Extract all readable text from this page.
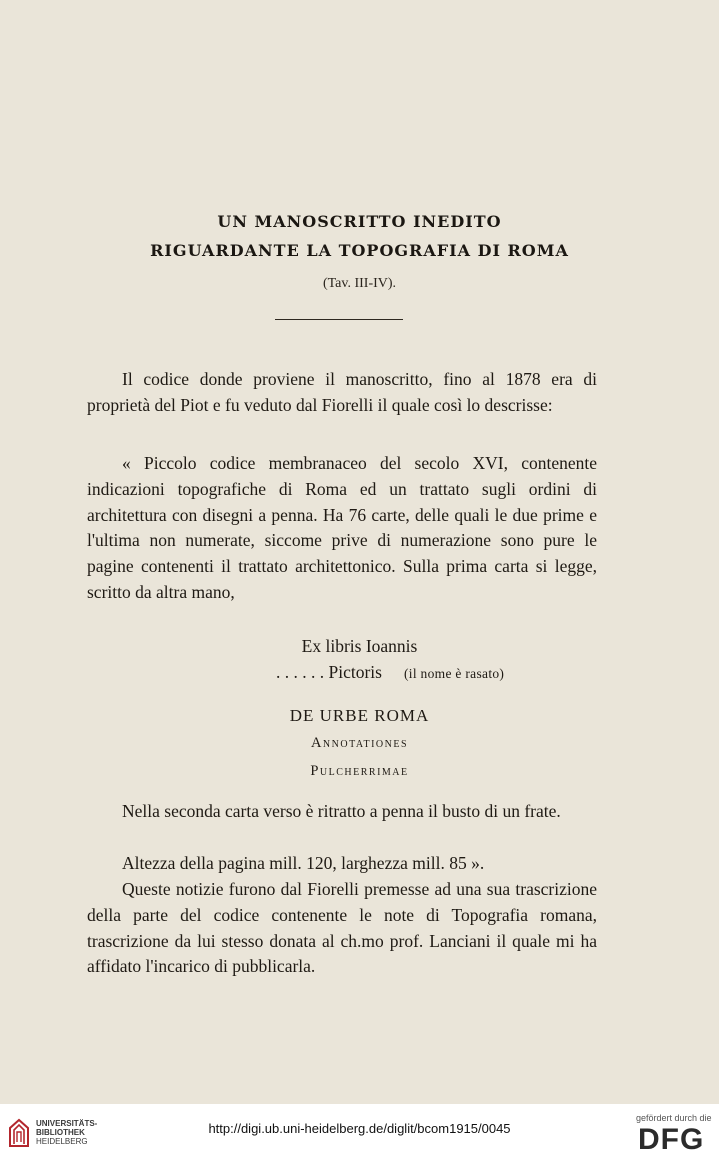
UN MANOSCRITTO INEDITO
RIGUARDANTE LA TOPOGRAFIA DI ROMA
(Tav. III-IV).

Il codice donde proviene il manoscritto, fino al 1878 era di proprietà del Piot e fu veduto dal Fiorelli il quale così lo descrisse:

« Piccolo codice membranaceo del secolo XVI, contenente indicazioni topografiche di Roma ed un trattato sugli ordini di architettura con disegni a penna. Ha 76 carte, delle quali le due prime e l'ultima non numerate, siccome prive di numerazione sono pure le pagine contenenti il trattato architettonico. Sulla prima carta si legge, scritto da altra mano,

Ex libris Ioannis
. . . . . . Pictoris (il nome è rasato)
DE URBE ROMA
Annotationes
Pulcherrimae

Nella seconda carta verso è ritratto a penna il busto di un frate.

Altezza della pagina mill. 120, larghezza mill. 85 ».

Queste notizie furono dal Fiorelli premesse ad una sua trascrizione della parte del codice contenente le note di Topografia romana, trascrizione da lui stesso donata al ch.mo prof. Lanciani il quale mi ha affidato l'incarico di pubblicarla.

UNIVERSITÄTS-
BIBLIOTHEK
HEIDELBERG
http://digi.ub.uni-heidelberg.de/diglit/bcom1915/0045
gefördert durch die
DFG
